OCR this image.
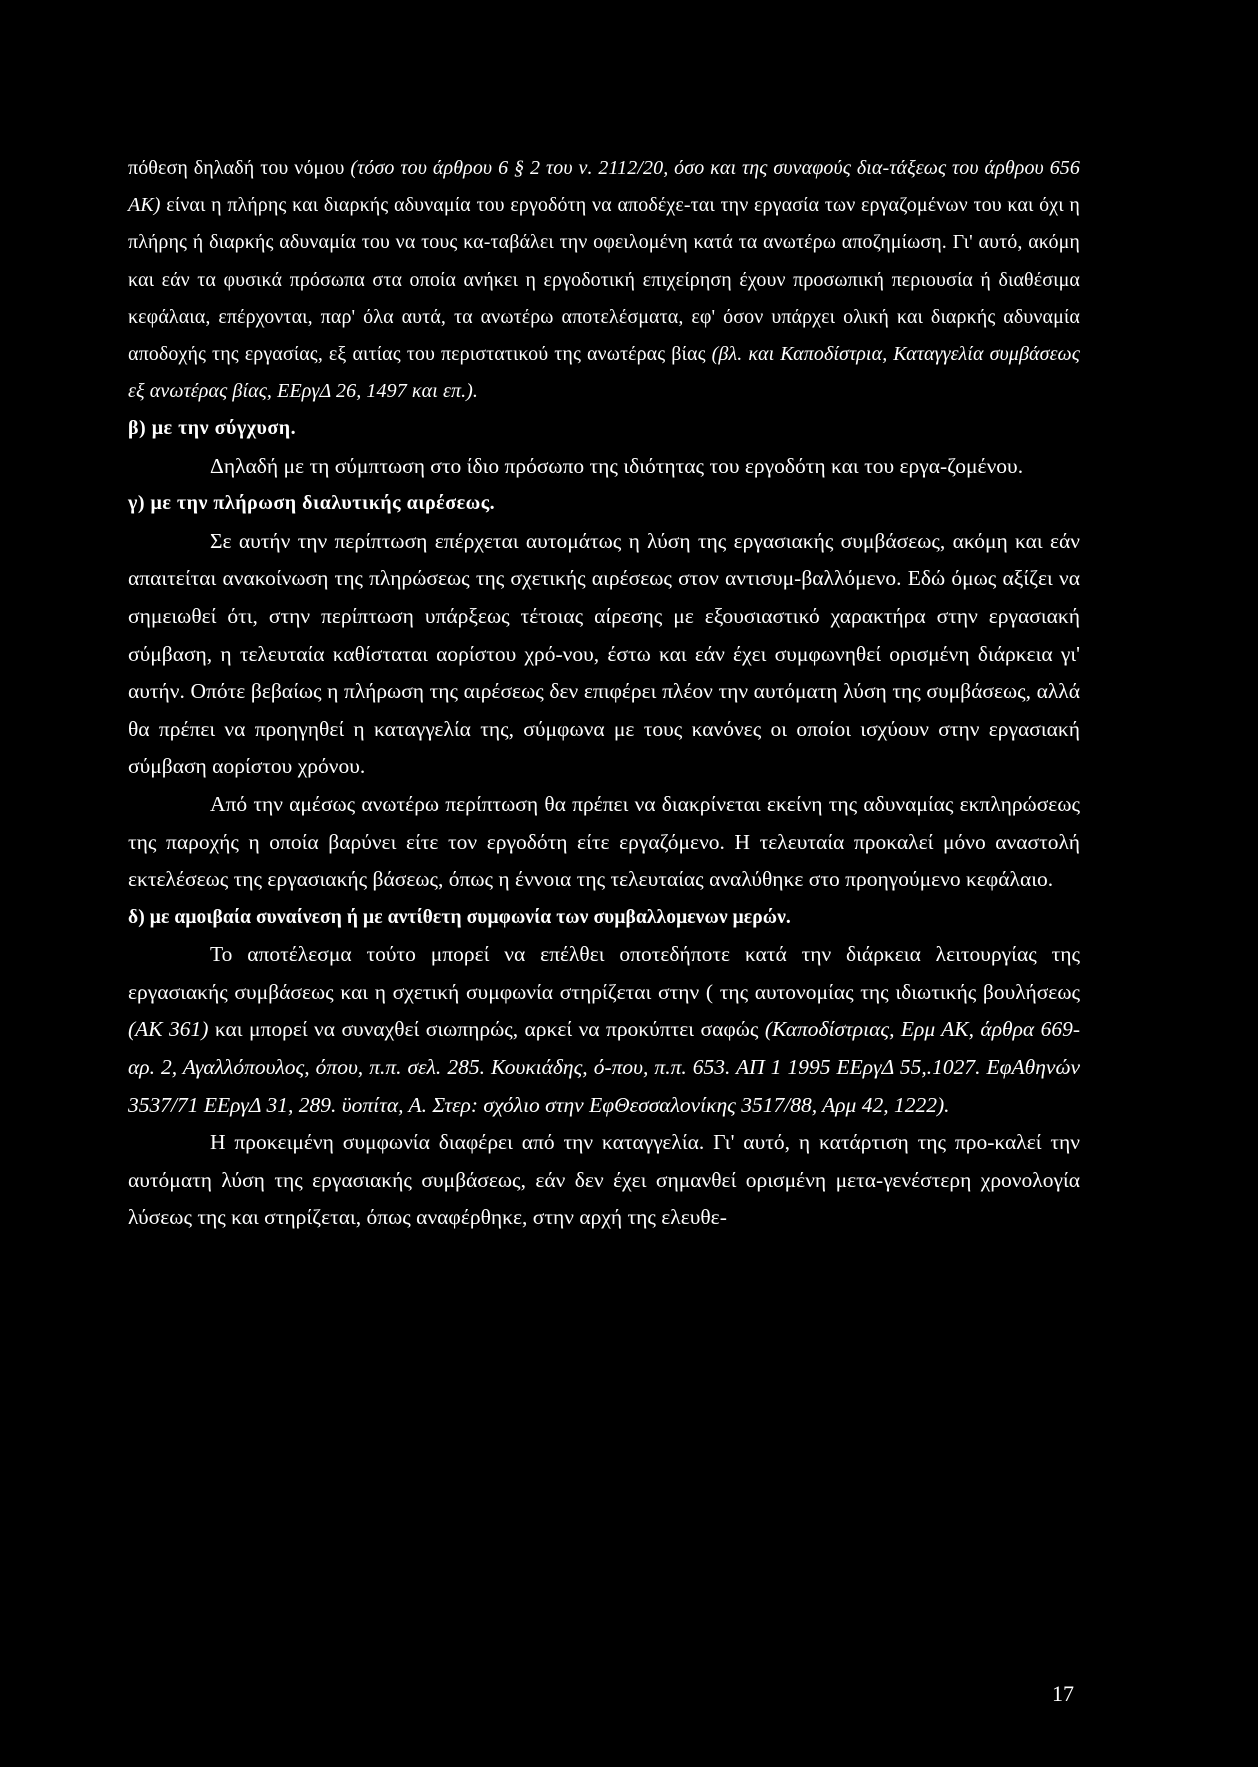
πόθεση δηλαδή του νόμου (τόσο του άρθρου 6 § 2 του ν. 2112/20, όσο και της συναφούς δια-τάξεως του άρθρου 656 ΑΚ) είναι η πλήρης και διαρκής αδυναμία του εργοδότη να αποδέχε-ται την εργασία των εργαζομένων του και όχι η πλήρης ή διαρκής αδυναμία του να τους κα-ταβάλει την οφειλομένη κατά τα ανωτέρω αποζημίωση. Γι' αυτό, ακόμη και εάν τα φυσικά πρόσωπα στα οποία ανήκει η εργοδοτική επιχείρηση έχουν προσωπική περιουσία ή διαθέσιμα κεφάλαια, επέρχονται, παρ' όλα αυτά, τα ανωτέρω αποτελέσματα, εφ' όσον υπάρχει ολική και διαρκής αδυναμία αποδοχής της εργασίας, εξ αιτίας του περιστατικού της ανωτέρας βίας (βλ. και Καποδίστρια, Καταγγελία συμβάσεως εξ ανωτέρας βίας, ΕΕργΔ 26, 1497 και επ.).

β) με την σύγχυση.

Δηλαδή με τη σύμπτωση στο ίδιο πρόσωπο της ιδιότητας του εργοδότη και του εργα-ζομένου.

γ) με την πλήρωση διαλυτικής αιρέσεως.

Σε αυτήν την περίπτωση επέρχεται αυτομάτως η λύση της εργασιακής συμβάσεως, ακόμη και εάν απαιτείται ανακοίνωση της πληρώσεως της σχετικής αιρέσεως στον αντισυμ-βαλλόμενο. Εδώ όμως αξίζει να σημειωθεί ότι, στην περίπτωση υπάρξεως τέτοιας αίρεσης με εξουσιαστικό χαρακτήρα στην εργασιακή σύμβαση, η τελευταία καθίσταται αορίστου χρό-νου, έστω και εάν έχει συμφωνηθεί ορισμένη διάρκεια γι' αυτήν. Οπότε βεβαίως η πλήρωση της αιρέσεως δεν επιφέρει πλέον την αυτόματη λύση της συμβάσεως, αλλά θα πρέπει να προηγηθεί η καταγγελία της, σύμφωνα με τους κανόνες οι οποίοι ισχύουν στην εργασιακή σύμβαση αορίστου χρόνου.

Από την αμέσως ανωτέρω περίπτωση θα πρέπει να διακρίνεται εκείνη της αδυναμίας εκπληρώσεως της παροχής η οποία βαρύνει είτε τον εργοδότη είτε εργαζόμενο. Η τελευταία προκαλεί μόνο αναστολή εκτελέσεως της εργασιακής βάσεως, όπως η έννοια της τελευταίας αναλύθηκε στο προηγούμενο κεφάλαιο.

δ) με αμοιβαία συναίνεση ή με αντίθετη συμφωνία των συμβαλλομενων μερών.

Το αποτέλεσμα τούτο μπορεί να επέλθει οποτεδήποτε κατά την διάρκεια λειτουργίας της εργασιακής συμβάσεως και η σχετική συμφωνία στηρίζεται στην ( της αυτονομίας της ιδιωτικής βουλήσεως (ΑΚ 361) και μπορεί να συναχθεί σιωπηρώς, αρκεί να προκύπτει σαφώς (Καποδίστριας, Ερμ ΑΚ, άρθρα 669-αρ. 2, Αγαλλόπουλος, όπου, π.π. σελ. 285. Κουκιάδης, ό-που, π.π. 653. ΑΠ 1 1995 ΕΕργΔ 55,.1027. ΕφΑθηνών 3537/71 ΕΕργΔ 31, 289. ϋοπίτα, Α. Στερ: σχόλιο στην ΕφΘεσσαλονίκης 3517/88, Αρμ 42, 1222).

Η προκειμένη συμφωνία διαφέρει από την καταγγελία. Γι' αυτό, η κατάρτιση της προ-καλεί την αυτόματη λύση της εργασιακής συμβάσεως, εάν δεν έχει σημανθεί ορισμένη μετα-γενέστερη χρονολογία λύσεως της και στηρίζεται, όπως αναφέρθηκε, στην αρχή της ελευθε-

17
